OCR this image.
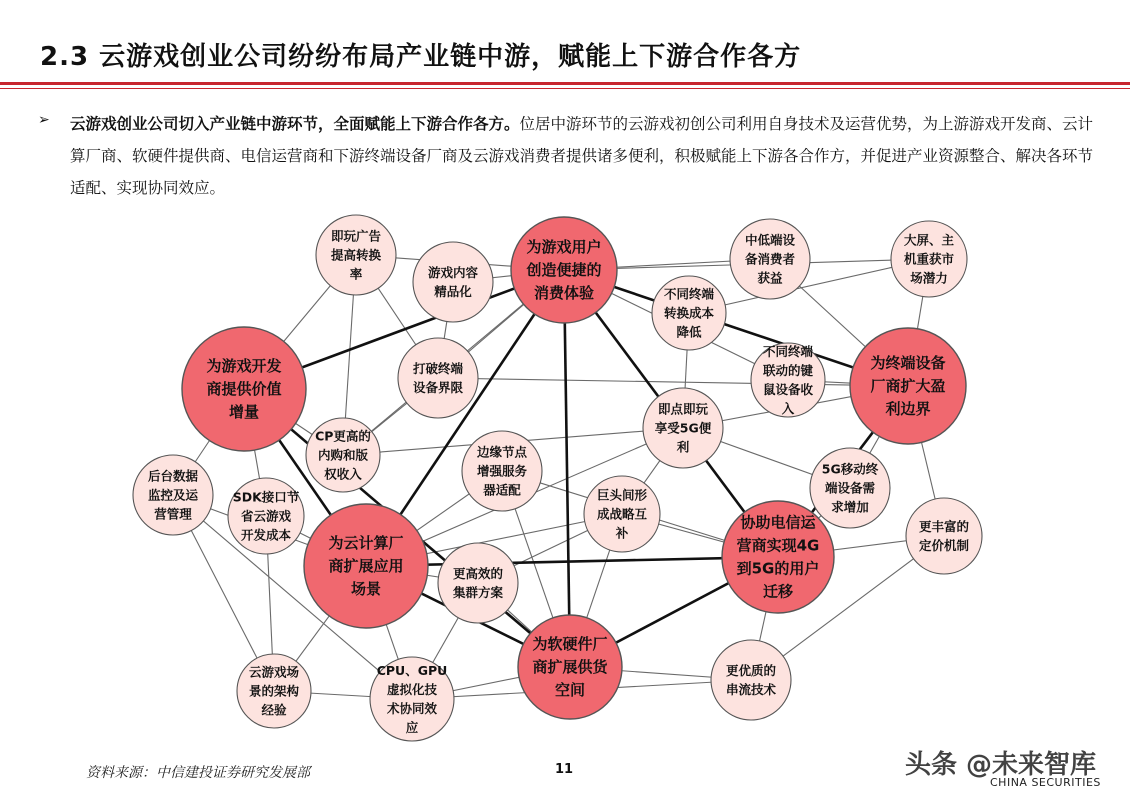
2.3 云游戏创业公司纷纷布局产业链中游，赋能上下游合作各方
➢ 云游戏创业公司切入产业链中游环节，全面赋能上下游合作各方。位居中游环节的云游戏初创公司利用自身技术及运营优势，为上游游戏开发商、云计算厂商、软硬件提供商、电信运营商和下游终端设备厂商及云游戏消费者提供诸多便利，积极赋能上下游各合作方，并促进产业资源整合、解决各环节适配、实现协同效应。
即玩广告
提高转换
率	游戏内容
精品化
中低端设
备消费者
获益
大屏、主
机重获市
场潜力
不同终端
转换成本
降低
不同终端
联动的键
鼠设备收
入
打破终端
设备界限
即点即玩
享受5G便
利
CP更高的
内购和版
权收入
边缘节点
增强服务
器适配
后台数据
监控及运
营管理
SDK接口节
省云游戏
开发成本
巨头间形
成战略互
补
5G移动终
端设备需
求增加
更丰富的
定价机制
更高效的
集群方案
云游戏场
景的架构
经验
CPU、GPU
虚拟化技
术协同效
应
更优质的
串流技术
为游戏用户
创造便捷的
消费体验
为游戏开发
商提供价值
增量
为终端设备
厂商扩大盈
利边界
为云计算厂
商扩展应用
场景
协助电信运
营商实现4G
到5G的用户
迁移
为软硬件厂
商扩展供货
空间
资料来源：中信建投证券研究发展部	11	头条 @未来智库
CHINA SECURITIES
